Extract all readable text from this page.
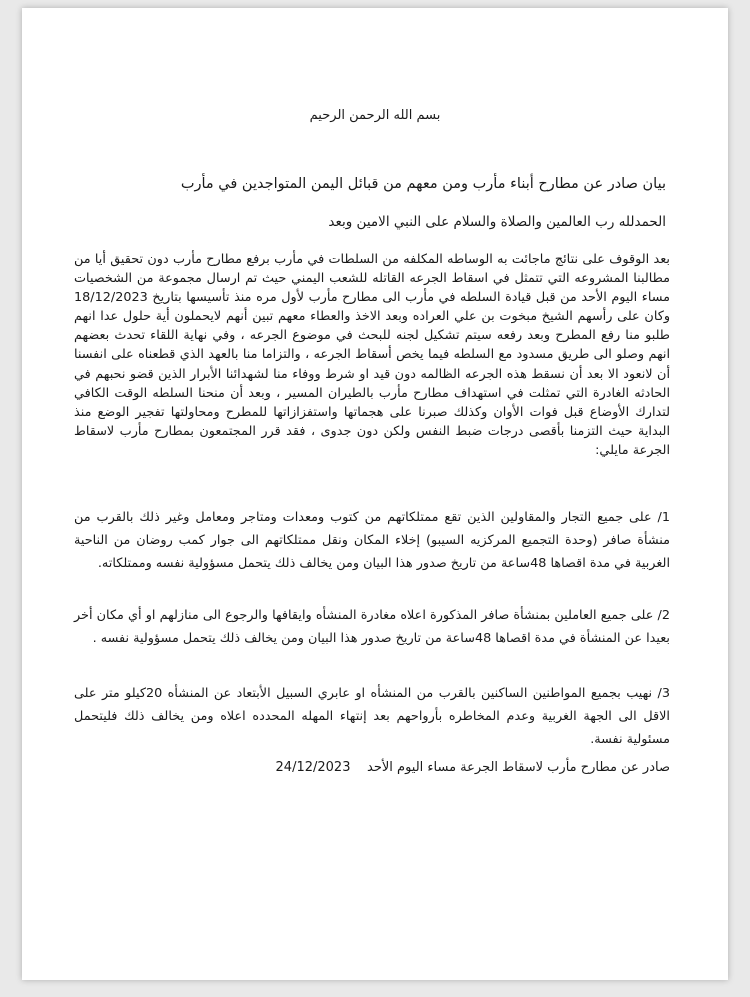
بسم الله الرحمن الرحيم
بيان صادر عن مطارح أبناء مأرب ومن معهم من قبائل اليمن المتواجدين في مأرب
الحمدلله رب العالمين والصلاة والسلام على النبي الامين وبعد
بعد الوقوف على نتائج ماجائت به الوساطه المكلفه من السلطات في مأرب برفع مطارح مأرب دون تحقيق أيا من مطالبنا المشروعه التي تتمثل في اسقاط الجرعه القاتله للشعب اليمني حيث تم ارسال مجموعة من الشخصيات مساء اليوم الأحد من قبل قيادة السلطه في مأرب الى مطارح مأرب لأول مره منذ تأسيسها بتاريخ 18/12/2023 وكان على رأسهم الشيخ مبخوت بن علي العراده وبعد الاخذ والعطاء معهم تبين أنهم لايحملون أية حلول عدا انهم طلبو منا رفع المطرح وبعد رفعه سيتم تشكيل لجنه للبحث في موضوع الجرعه ، وفي نهاية اللقاء تحدث بعضهم انهم وصلو الى طريق مسدود مع السلطه فيما يخص أسقاط الجرعه ، والتزاما منا بالعهد الذي قطعناه على انفسنا أن لانعود الا بعد أن نسقط هذه الجرعه الظالمه دون قيد او شرط ووفاء منا لشهدائنا الأبرار الذين قضو نحبهم في الحادثه الغادرة التي تمثلت في استهداف مطارح مأرب بالطيران المسير ، وبعد أن منحنا السلطه الوقت الكافي لتدارك الأوضاع قبل فوات الأوان وكذلك صبرنا على هجماتها واستفزازاتها للمطرح ومحاولتها تفجير الوضع منذ البداية حيث التزمنا بأقصى درجات ضبط النفس ولكن دون جدوى ، فقد قرر المجتمعون بمطارح مأرب لاسقاط الجرعة مايلي:
1/ على جميع التجار والمقاولين الذين تقع ممتلكاتهم من كتوب ومعدات ومتاجر ومعامل وغير ذلك بالقرب من منشأة صافر (وحدة التجميع المركزيه السيبو) إخلاء المكان ونقل ممتلكاتهم الى جوار كمب روضان من الناحية الغربية في مدة اقصاها 48ساعة من تاريخ صدور هذا البيان ومن يخالف ذلك يتحمل مسؤولية نفسه وممتلكاته.
2/ على جميع العاملين بمنشأة صافر المذكورة اعلاه مغادرة المنشأه وايقافها والرجوع الى منازلهم او أي مكان أخر بعيدا عن المنشأة في مدة اقصاها 48ساعة من تاريخ صدور هذا البيان ومن يخالف ذلك يتحمل مسؤولية نفسه .
3/ نهيب بجميع المواطنين الساكنين بالقرب من المنشأه او عابري السبيل الأبتعاد عن المنشأه 20كيلو متر على الاقل الى الجهة الغربية وعدم المخاطره بأرواحهم بعد إنتهاء المهله المحدده اعلاه ومن يخالف ذلك فليتحمل مسئولية نفسة.
صادر عن مطارح مأرب لاسقاط الجرعة مساء اليوم الأحد    24/12/2023
